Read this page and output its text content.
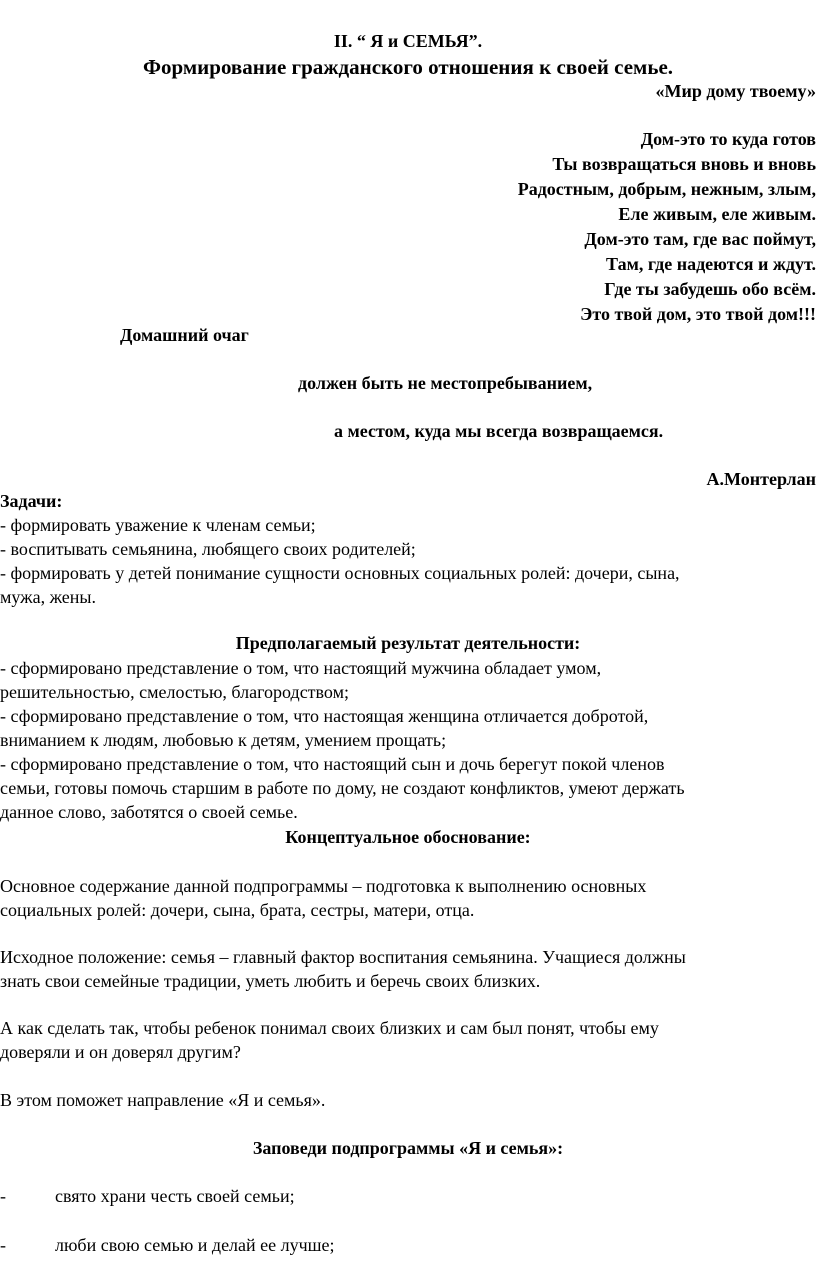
II. “ Я и СЕМЬЯ”.
Формирование гражданского отношения к своей семье.
«Мир дому твоему»
Дом-это то куда готов
Ты возвращаться вновь и вновь
Радостным, добрым, нежным, злым,
Еле живым, еле живым.
Дом-это там, где вас поймут,
Там, где надеются и ждут.
Где ты забудешь обо всём.
Это твой дом, это твой дом!!!
Домашний очаг
должен быть не местопребыванием,
а местом, куда мы всегда возвращаемся.
А.Монтерлан
Задачи:
- формировать уважение к членам семьи;
- воспитывать семьянина, любящего своих родителей;
- формировать у детей понимание сущности основных социальных ролей: дочери, сына,
мужа, жены.
Предполагаемый результат деятельности:
- сформировано представление о том, что настоящий мужчина обладает умом,
решительностью, смелостью, благородством;
- сформировано представление о том, что настоящая женщина отличается добротой,
вниманием к людям, любовью к детям, умением прощать;
- сформировано представление о том, что настоящий сын и дочь берегут покой членов
семьи, готовы помочь старшим в работе по дому, не создают конфликтов, умеют держать
данное слово, заботятся о своей семье.
Концептуальное обоснование:
Основное содержание данной подпрограммы – подготовка к выполнению основных
социальных ролей: дочери, сына, брата, сестры, матери, отца.
Исходное положение: семья – главный фактор воспитания семьянина. Учащиеся должны
знать свои семейные традиции, уметь любить и беречь своих близких.
А как сделать так, чтобы ребенок понимал своих близких и сам был понят, чтобы ему
доверяли и он доверял другим?
В этом поможет направление «Я и семья».
Заповеди подпрограммы «Я и семья»:
-	свято храни честь своей семьи;
-	люби свою семью и делай ее лучше;
